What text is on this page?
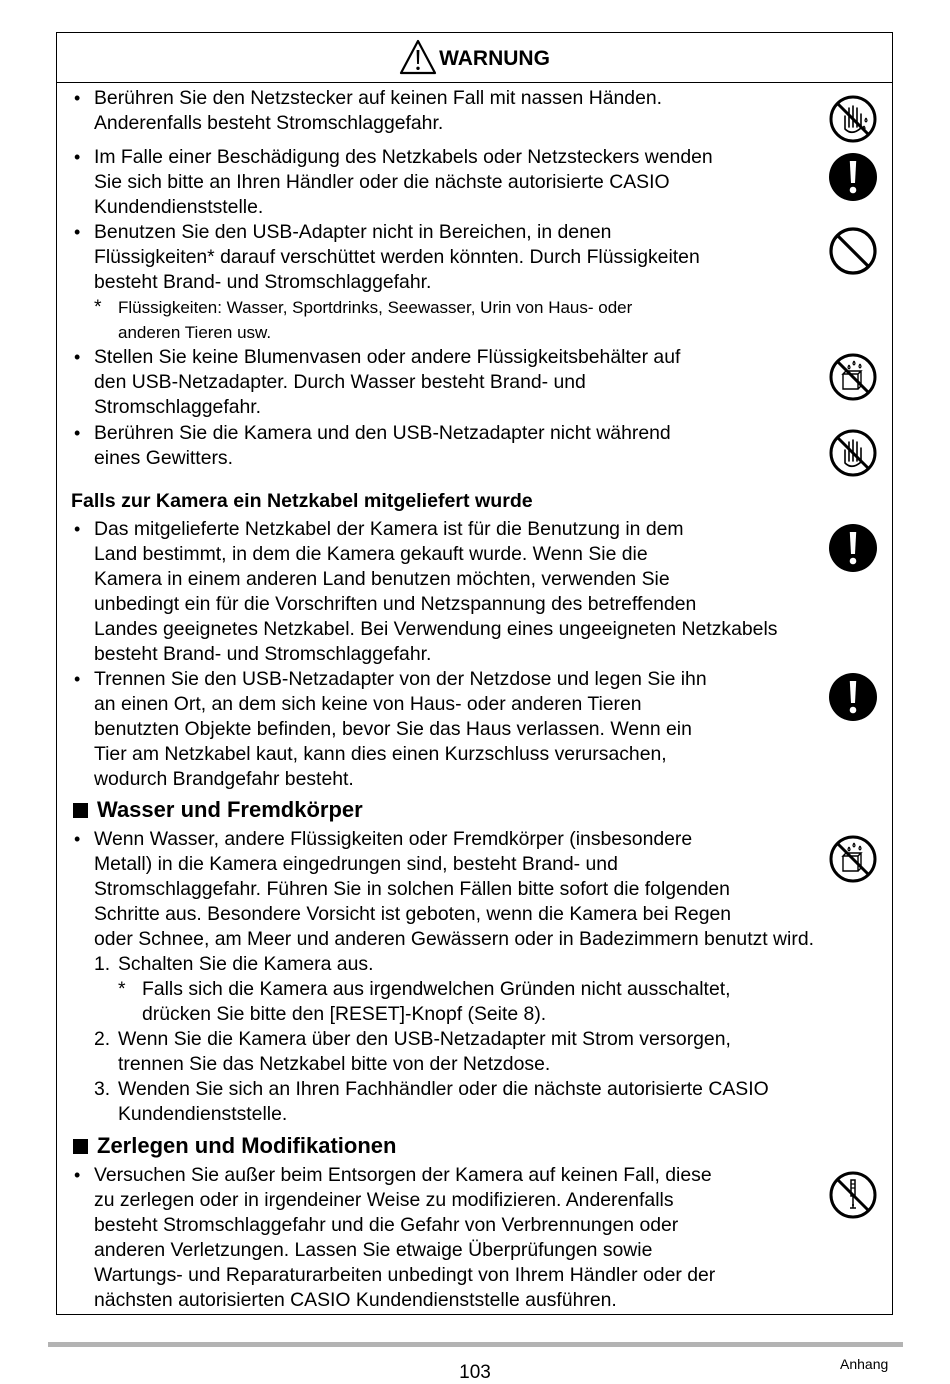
WARNUNG
• Berühren Sie den Netzstecker auf keinen Fall mit nassen Händen.
Anderenfalls besteht Stromschlaggefahr.
• Im Falle einer Beschädigung des Netzkabels oder Netzsteckers wenden
Sie sich bitte an Ihren Händler oder die nächste autorisierte CASIO
Kundendienststelle.
• Benutzen Sie den USB-Adapter nicht in Bereichen, in denen
Flüssigkeiten* darauf verschüttet werden könnten. Durch Flüssigkeiten
besteht Brand- und Stromschlaggefahr.
* Flüssigkeiten: Wasser, Sportdrinks, Seewasser, Urin von Haus- oder
anderen Tieren usw.
• Stellen Sie keine Blumenvasen oder andere Flüssigkeitsbehälter auf
den USB-Netzadapter. Durch Wasser besteht Brand- und
Stromschlaggefahr.
• Berühren Sie die Kamera und den USB-Netzadapter nicht während
eines Gewitters.
Falls zur Kamera ein Netzkabel mitgeliefert wurde
• Das mitgelieferte Netzkabel der Kamera ist für die Benutzung in dem
Land bestimmt, in dem die Kamera gekauft wurde. Wenn Sie die
Kamera in einem anderen Land benutzen möchten, verwenden Sie
unbedingt ein für die Vorschriften und Netzspannung des betreffenden
Landes geeignetes Netzkabel. Bei Verwendung eines ungeeigneten Netzkabels
besteht Brand- und Stromschlaggefahr.
• Trennen Sie den USB-Netzadapter von der Netzdose und legen Sie ihn
an einen Ort, an dem sich keine von Haus- oder anderen Tieren
benutzten Objekte befinden, bevor Sie das Haus verlassen. Wenn ein
Tier am Netzkabel kaut, kann dies einen Kurzschluss verursachen,
wodurch Brandgefahr besteht.
Wasser und Fremdkörper
• Wenn Wasser, andere Flüssigkeiten oder Fremdkörper (insbesondere
Metall) in die Kamera eingedrungen sind, besteht Brand- und
Stromschlaggefahr. Führen Sie in solchen Fällen bitte sofort die folgenden
Schritte aus. Besondere Vorsicht ist geboten, wenn die Kamera bei Regen
oder Schnee, am Meer und anderen Gewässern oder in Badezimmern benutzt wird.
1. Schalten Sie die Kamera aus.
* Falls sich die Kamera aus irgendwelchen Gründen nicht ausschaltet,
drücken Sie bitte den [RESET]-Knopf (Seite 8).
2. Wenn Sie die Kamera über den USB-Netzadapter mit Strom versorgen,
trennen Sie das Netzkabel bitte von der Netzdose.
3. Wenden Sie sich an Ihren Fachhändler oder die nächste autorisierte CASIO
Kundendienststelle.
Zerlegen und Modifikationen
• Versuchen Sie außer beim Entsorgen der Kamera auf keinen Fall, diese
zu zerlegen oder in irgendeiner Weise zu modifizieren. Anderenfalls
besteht Stromschlaggefahr und die Gefahr von Verbrennungen oder
anderen Verletzungen. Lassen Sie etwaige Überprüfungen sowie
Wartungs- und Reparaturarbeiten unbedingt von Ihrem Händler oder der
nächsten autorisierten CASIO Kundendienststelle ausführen.
103	Anhang
